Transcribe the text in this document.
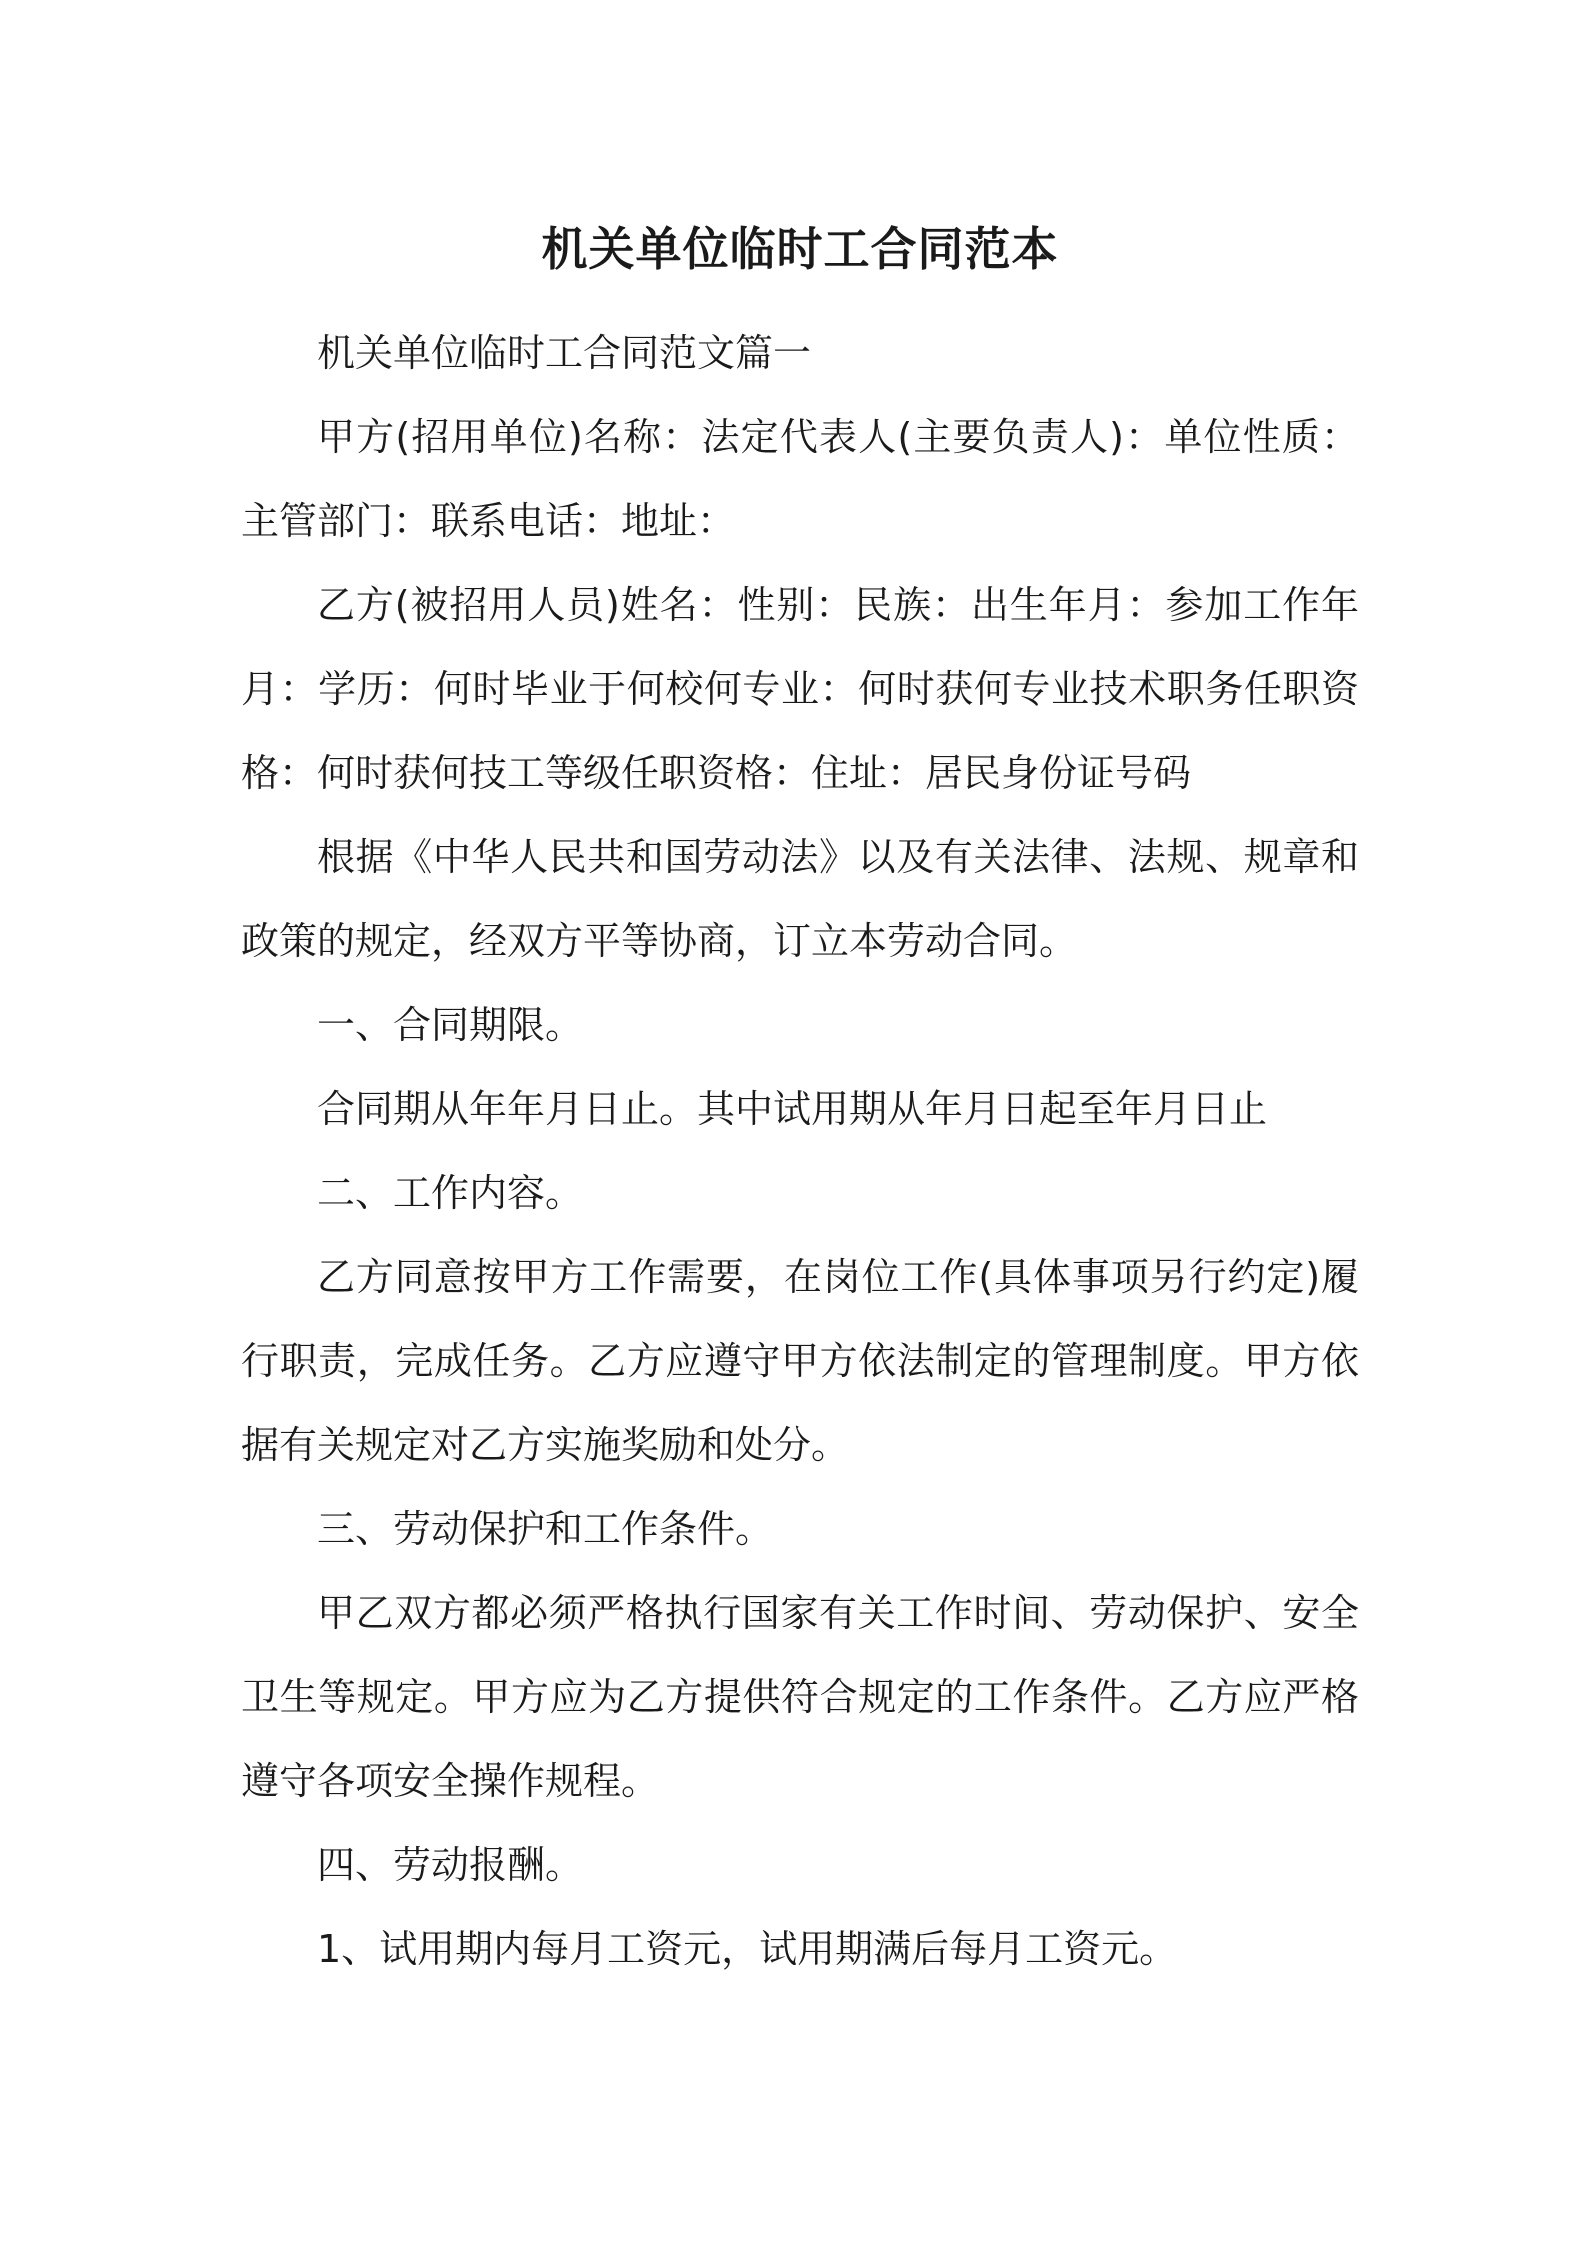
机关单位临时工合同范本

机关单位临时工合同范文篇一

甲方(招用单位)名称：法定代表人(主要负责人)：单位性质：主管部门：联系电话：地址：

乙方(被招用人员)姓名：性别：民族：出生年月：参加工作年月：学历：何时毕业于何校何专业：何时获何专业技术职务任职资格：何时获何技工等级任职资格：住址：居民身份证号码

根据《中华人民共和国劳动法》以及有关法律、法规、规章和政策的规定，经双方平等协商，订立本劳动合同。

一、合同期限。

合同期从年年月日止。其中试用期从年月日起至年月日止

二、工作内容。

乙方同意按甲方工作需要，在岗位工作(具体事项另行约定)履行职责，完成任务。乙方应遵守甲方依法制定的管理制度。甲方依据有关规定对乙方实施奖励和处分。

三、劳动保护和工作条件。

甲乙双方都必须严格执行国家有关工作时间、劳动保护、安全卫生等规定。甲方应为乙方提供符合规定的工作条件。乙方应严格遵守各项安全操作规程。

四、劳动报酬。

1、试用期内每月工资元，试用期满后每月工资元。
